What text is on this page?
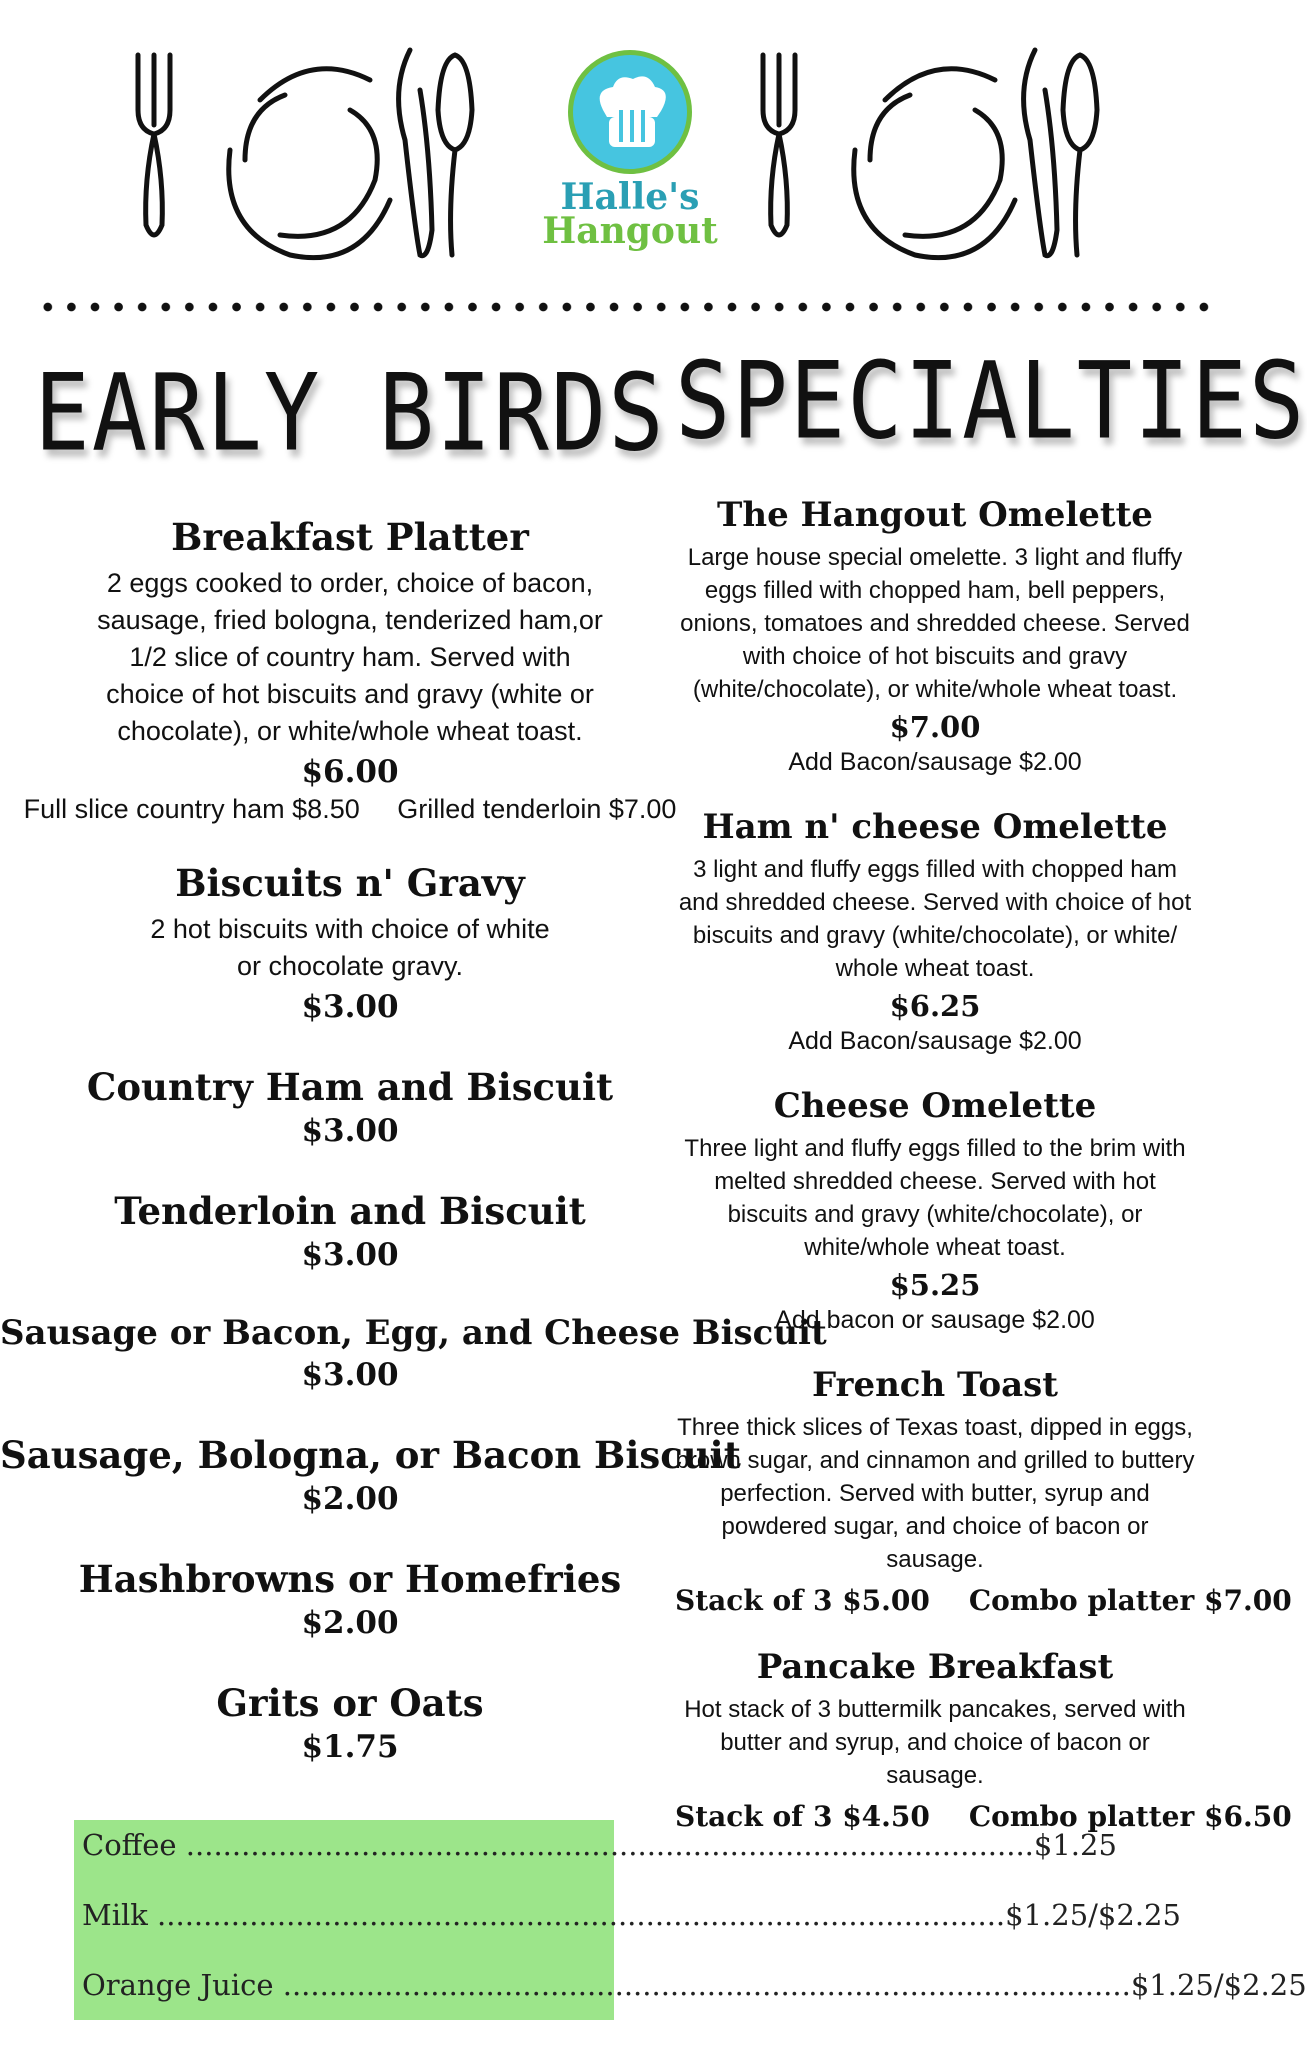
Halle's
Hangout
EARLY BIRDS
Breakfast Platter

2 eggs cooked to order, choice of bacon, sausage, fried bologna, tenderized ham,or 1/2 slice of country ham. Served with choice of hot biscuits and gravy (white or chocolate), or white/whole wheat toast.

$6.00

Full slice country ham $8.50     Grilled tenderloin $7.00

Biscuits n' Gravy

2 hot biscuits with choice of white or chocolate gravy.

$3.00

Country Ham and Biscuit

$3.00

Tenderloin and Biscuit

$3.00

Sausage or Bacon, Egg, and Cheese Biscuit

$3.00

Sausage, Bologna, or Bacon Biscuit

$2.00

Hashbrowns or Homefries

$2.00

Grits or Oats

$1.75

Coffee .....	$1.25
Milk .....	$1.25/$2.25
Orange Juice .....	$1.25/$2.25
SPECIALTIES
The Hangout Omelette

Large house special omelette. 3 light and fluffy eggs filled with chopped ham, bell peppers, onions, tomatoes and shredded cheese. Served with choice of hot biscuits and gravy (white/chocolate), or white/whole wheat toast.

$7.00

Add Bacon/sausage $2.00

Ham n' cheese Omelette

3 light and fluffy eggs filled with chopped ham and shredded cheese. Served with choice of hot biscuits and gravy (white/chocolate), or white/ whole wheat toast.

$6.25

Add Bacon/sausage $2.00

Cheese Omelette

Three light and fluffy eggs filled to the brim with melted shredded cheese. Served with hot biscuits and gravy (white/chocolate), or white/whole wheat toast.

$5.25

Add bacon or sausage $2.00

French Toast

Three thick slices of Texas toast, dipped in eggs, brown sugar, and cinnamon and grilled to buttery perfection. Served with butter, syrup and powdered sugar, and choice of bacon or sausage.

Stack of 3 $5.00    Combo platter $7.00

Pancake Breakfast

Hot stack of 3 buttermilk pancakes, served with butter and syrup, and choice of bacon or sausage.

Stack of 3 $4.50    Combo platter $6.50
